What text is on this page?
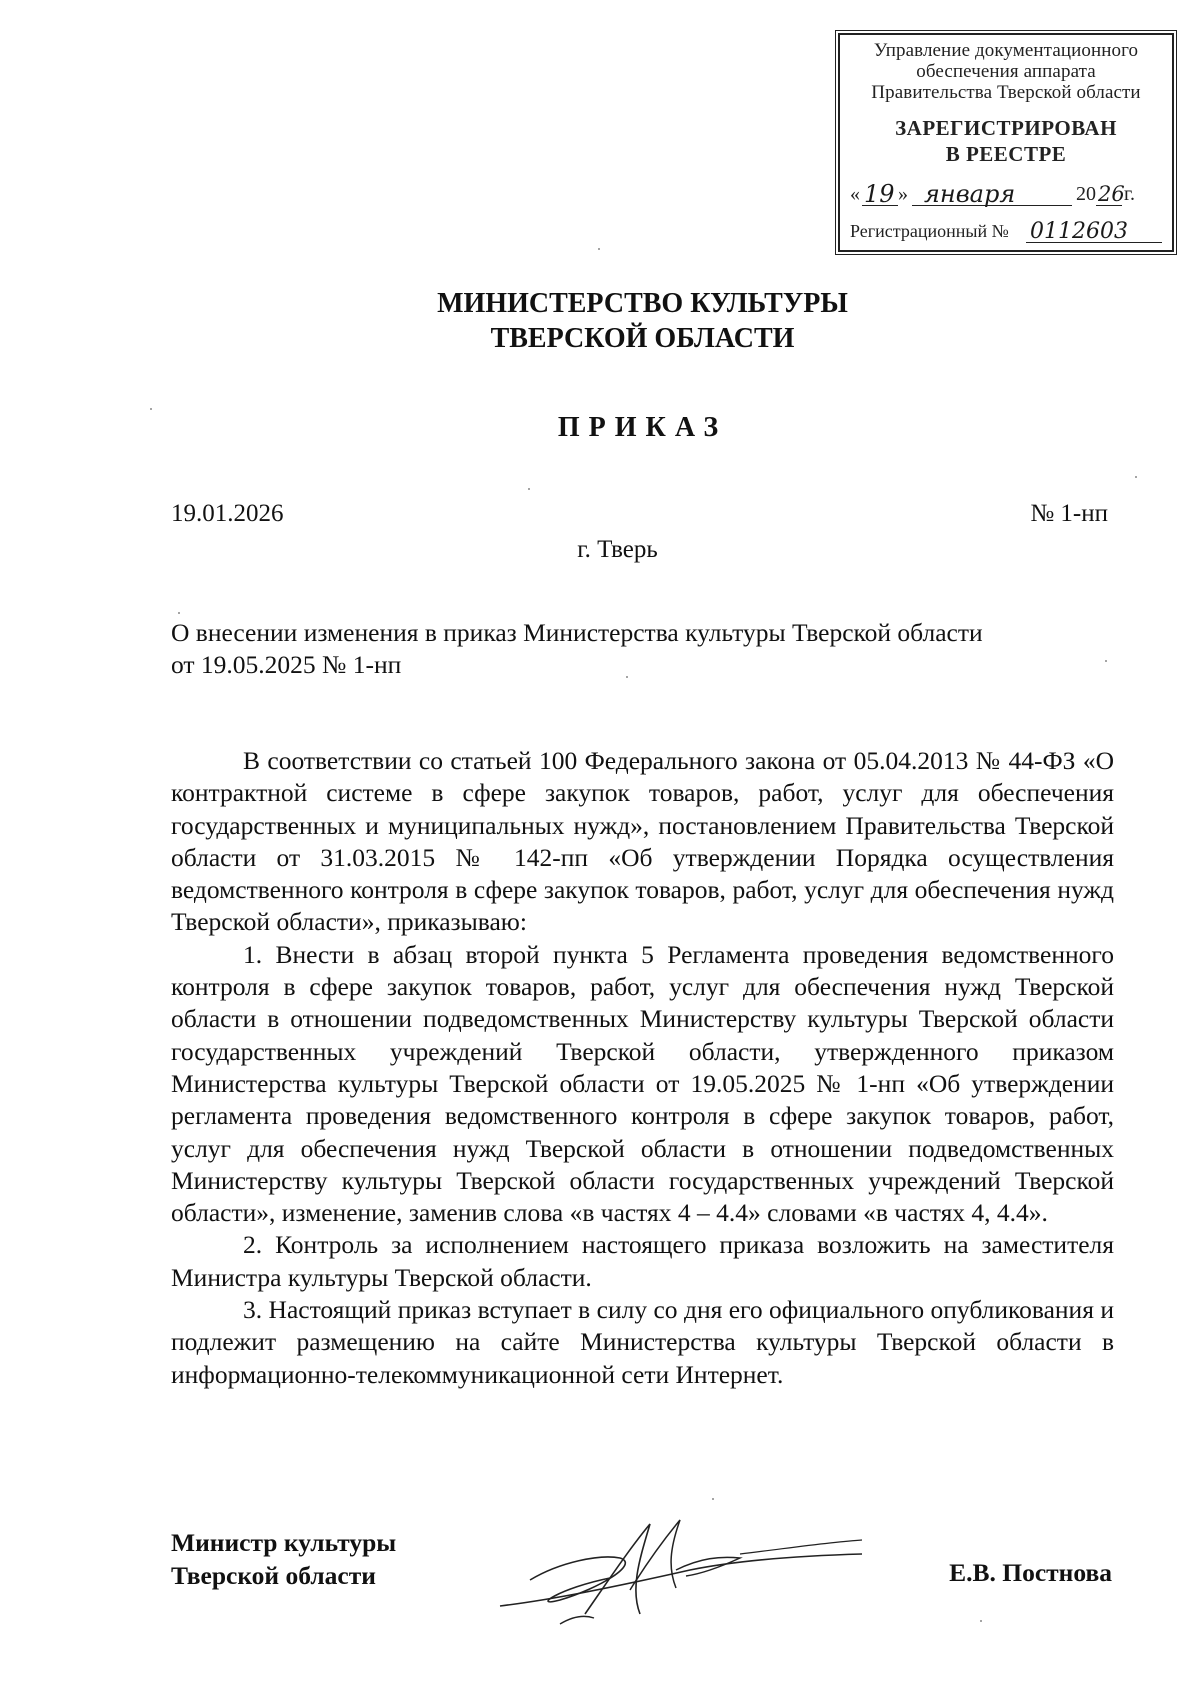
Управление документационного
обеспечения аппарата
Правительства Тверской области
ЗАРЕГИСТРИРОВАН
В РЕЕСТРЕ
« 19 » января	20 26 г.
Регистрационный № 0112603
МИНИСТЕРСТВО КУЛЬТУРЫ
ТВЕРСКОЙ ОБЛАСТИ
ПРИКАЗ
19.01.2026	№ 1-нп
г. Тверь
О внесении изменения в приказ Министерства культуры Тверской области
от 19.05.2025 № 1-нп

В соответствии со статьей 100 Федерального закона от 05.04.2013 № 44-ФЗ «О контрактной системе в сфере закупок товаров, работ, услуг для обеспечения государственных и муниципальных нужд», постановлением Правительства Тверской области от 31.03.2015 № 142-пп «Об утверждении Порядка осуществления ведомственного контроля в сфере закупок товаров, работ, услуг для обеспечения нужд Тверской области», приказываю:

1. Внести в абзац второй пункта 5 Регламента проведения ведомственного контроля в сфере закупок товаров, работ, услуг для обеспечения нужд Тверской области в отношении подведомственных Министерству культуры Тверской области государственных учреждений Тверской области, утвержденного приказом Министерства культуры Тверской области от 19.05.2025 № 1-нп «Об утверждении регламента проведения ведомственного контроля в сфере закупок товаров, работ, услуг для обеспечения нужд Тверской области в отношении подведомственных Министерству культуры Тверской области государственных учреждений Тверской области», изменение, заменив слова «в частях 4 – 4.4» словами «в частях 4, 4.4».

2. Контроль за исполнением настоящего приказа возложить на заместителя Министра культуры Тверской области.

3. Настоящий приказ вступает в силу со дня его официального опубликования и подлежит размещению на сайте Министерства культуры Тверской области в информационно-телекоммуникационной сети Интернет.

Министр культуры
Тверской области	Е.В. Постнова
